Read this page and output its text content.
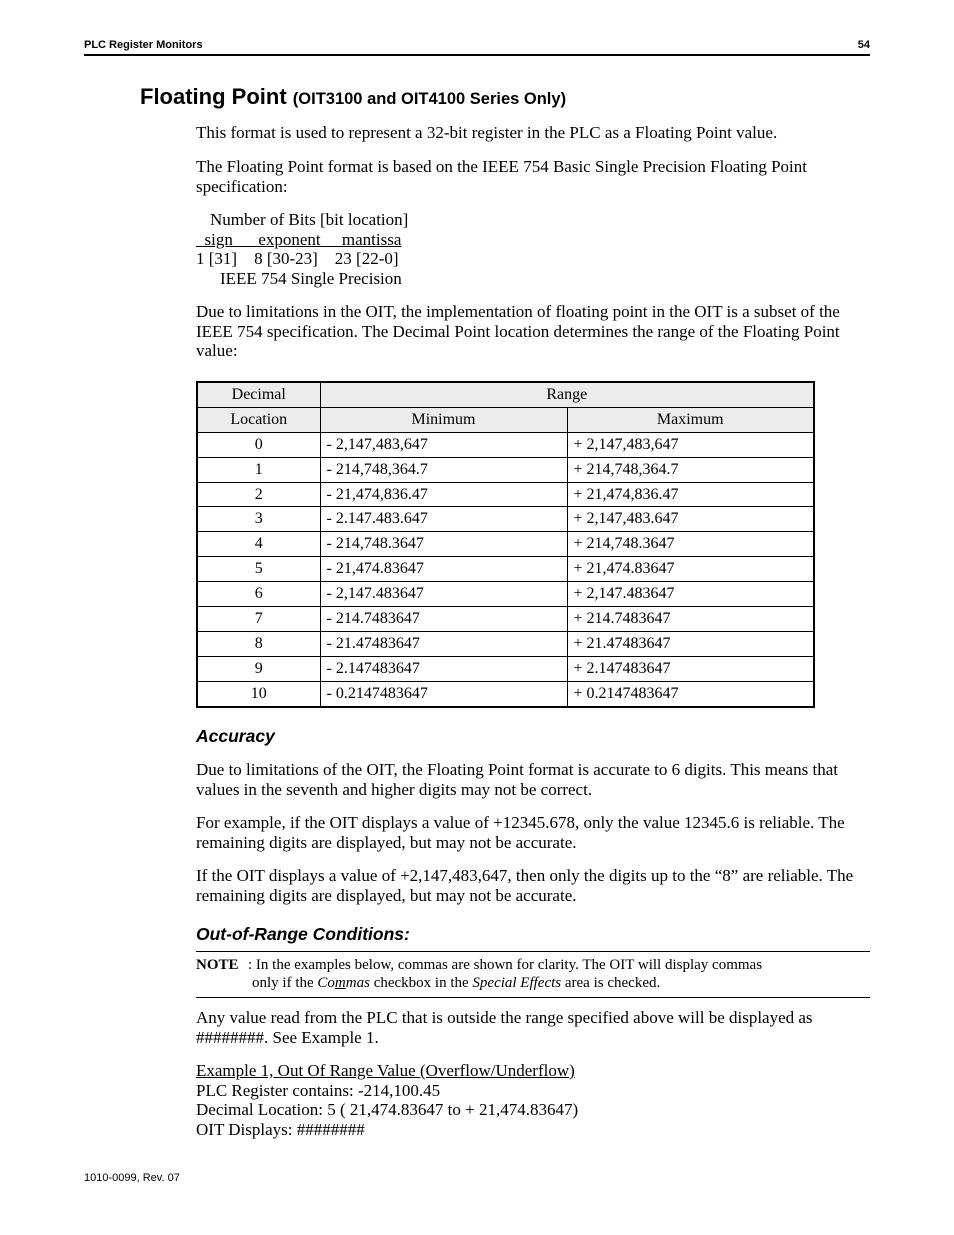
PLC Register Monitors	54
Floating Point (OIT3100 and OIT4100 Series Only)
This format is used to represent a 32-bit register in the PLC as a Floating Point value.
The Floating Point format is based on the IEEE 754 Basic Single Precision Floating Point specification:
Number of Bits [bit location]
sign      exponent     mantissa
1 [31]    8 [30-23]    23 [22-0]
IEEE 754 Single Precision
Due to limitations in the OIT, the implementation of floating point in the OIT is a subset of the IEEE 754 specification. The Decimal Point location determines the range of the Floating Point value:
Decimal	Range	
Location	Minimum	Maximum
0	- 2,147,483,647	+ 2,147,483,647
1	- 214,748,364.7	+ 214,748,364.7
2	- 21,474,836.47	+ 21,474,836.47
3	- 2.147.483.647	+ 2,147,483.647
4	- 214,748.3647	+ 214,748.3647
5	- 21,474.83647	+ 21,474.83647
6	- 2,147.483647	+ 2,147.483647
7	- 214.7483647	+ 214.7483647
8	- 21.47483647	+ 21.47483647
9	- 2.147483647	+ 2.147483647
10	- 0.2147483647	+ 0.2147483647
Accuracy
Due to limitations of the OIT, the Floating Point format is accurate to 6 digits. This means that values in the seventh and higher digits may not be correct.
For example, if the OIT displays a value of +12345.678, only the value 12345.6 is reliable. The remaining digits are displayed, but may not be accurate.
If the OIT displays a value of +2,147,483,647, then only the digits up to the “8” are reliable. The remaining digits are displayed, but may not be accurate.
Out-of-Range Conditions:
NOTE : In the examples below, commas are shown for clarity. The OIT will display commas
only if the Commas checkbox in the Special Effects area is checked.
Any value read from the PLC that is outside the range specified above will be displayed as ########. See Example 1.
Example 1, Out Of Range Value (Overflow/Underflow)
PLC Register contains: -214,100.45
Decimal Location: 5 ( 21,474.83647 to + 21,474.83647)
OIT Displays: ########
1010-0099, Rev. 07
